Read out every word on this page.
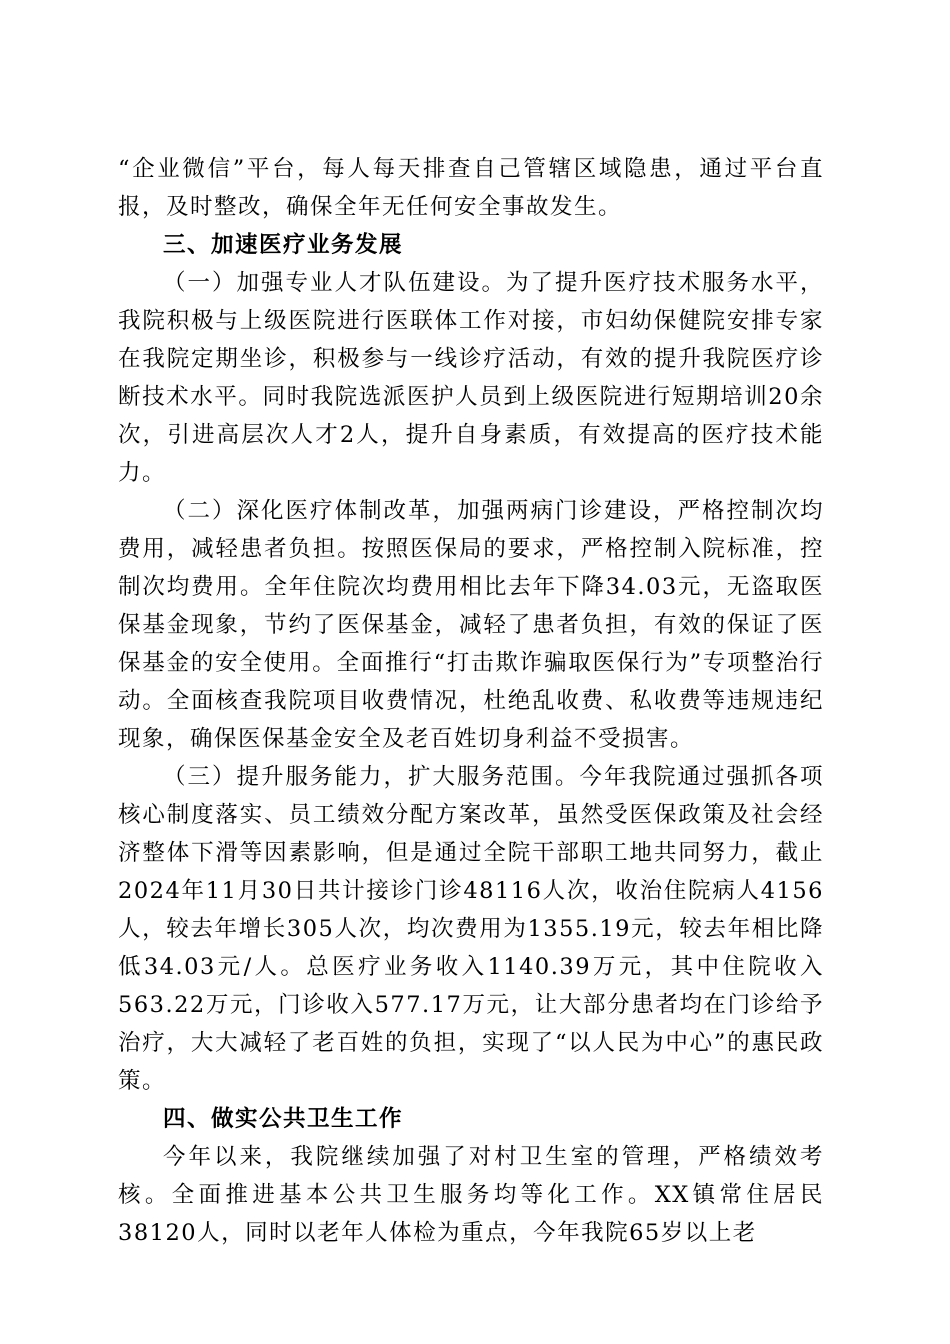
“企业微信”平台，每人每天排查自己管辖区域隐患，通过平台直报，及时整改，确保全年无任何安全事故发生。

三、加速医疗业务发展

（一）加强专业人才队伍建设。为了提升医疗技术服务水平，我院积极与上级医院进行医联体工作对接，市妇幼保健院安排专家在我院定期坐诊，积极参与一线诊疗活动，有效的提升我院医疗诊断技术水平。同时我院选派医护人员到上级医院进行短期培训20余次，引进高层次人才2人，提升自身素质，有效提高的医疗技术能力。

（二）深化医疗体制改革，加强两病门诊建设，严格控制次均费用，减轻患者负担。按照医保局的要求，严格控制入院标准，控制次均费用。全年住院次均费用相比去年下降34.03元，无盗取医保基金现象，节约了医保基金，减轻了患者负担，有效的保证了医保基金的安全使用。全面推行“打击欺诈骗取医保行为”专项整治行动。全面核查我院项目收费情况，杜绝乱收费、私收费等违规违纪现象，确保医保基金安全及老百姓切身利益不受损害。

（三）提升服务能力，扩大服务范围。今年我院通过强抓各项核心制度落实、员工绩效分配方案改革，虽然受医保政策及社会经济整体下滑等因素影响，但是通过全院干部职工地共同努力，截止2024年11月30日共计接诊门诊48116人次，收治住院病人4156人，较去年增长305人次，均次费用为1355.19元，较去年相比降低34.03元/人。总医疗业务收入1140.39万元，其中住院收入563.22万元，门诊收入577.17万元，让大部分患者均在门诊给予治疗，大大减轻了老百姓的负担，实现了“以人民为中心”的惠民政策。

四、做实公共卫生工作

今年以来，我院继续加强了对村卫生室的管理，严格绩效考核。全面推进基本公共卫生服务均等化工作。XX镇常住居民38120人，同时以老年人体检为重点，今年我院65岁以上老
